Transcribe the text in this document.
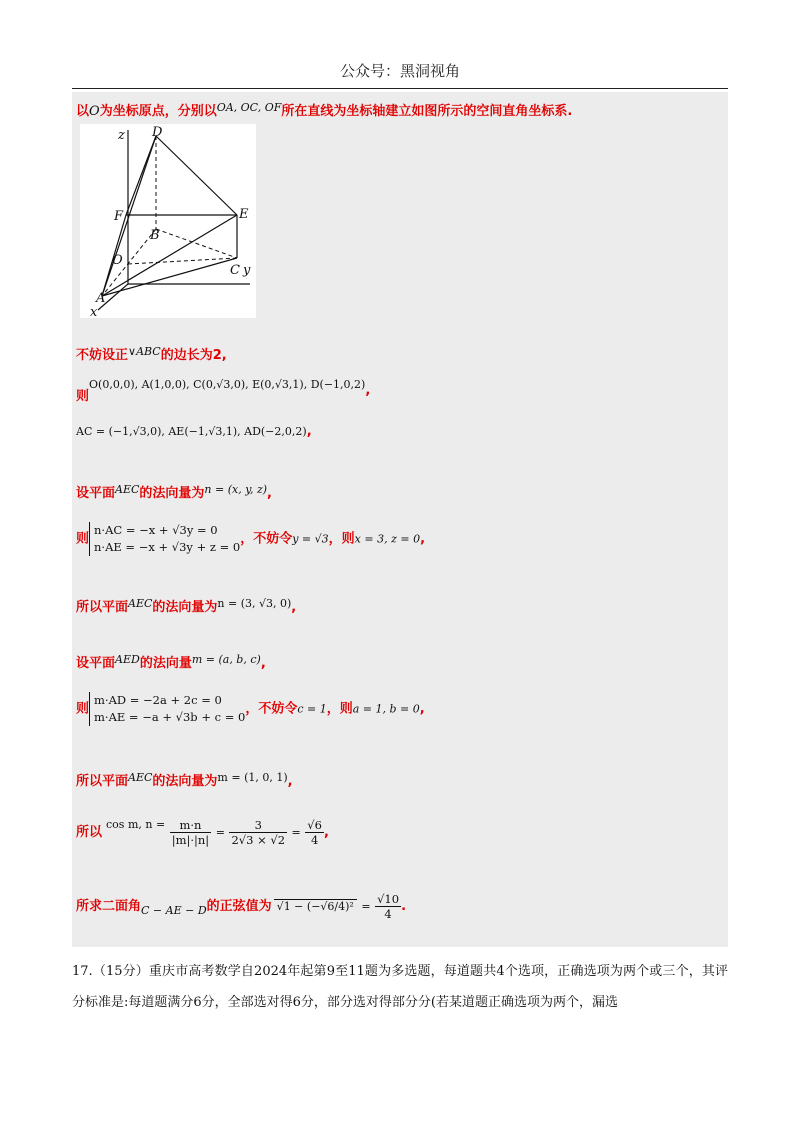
公众号：黑洞视角
以O为坐标原点，分别以$^{OA, OC, OF}$所在直线为坐标轴建立如图所示的空间直角坐标系.
z D
F	E
B
O
C y
A
x
不妨设正$^{\vee ABC}$的边长为2,
则$^{O(0,0,0), A(1,0,0), C(0,√3,0), E(0,√3,1), D(-1,0,2)}$,
AC = (−1,√3,0), AE(−1,√3,1), AD(−2,0,2),
设平面$^{AEC}$的法向量为$^{n = (x, y, z)}$,
则
n·AC = −x + √3y = 0
n·AE = −x + √3y + z = 0
，不妨令y = √3，则x = 3, z = 0,
所以平面$^{AEC}$的法向量为$^{n = (3, √3, 0)}$,
设平面$^{AED}$的法向量$^{m = (a, b, c)}$,
则
m·AD = −2a + 2c = 0
m·AE = −a + √3b + c = 0
，不妨令c = 1，则a = 1, b = 0,
所以平面$^{AEC}$的法向量为$^{m = (1, 0, 1)}$,
所以$^{cos m, n =} \frac{m\cdot n}{|m|\cdot|n|} = \frac{3}{2√3 \times √2} = \frac{√6}{4}$ ,
所求二面角$_{C - AE - D}$的正弦值为 $√1 - (-√6/4)^2 = \frac{√10}{4}$ .
17.（15分）重庆市高考数学自2024年起第9至11题为多选题，每道题共4个选项，正确选项为两个或三个，其评分标准是:每道题满分6分，全部选对得6分，部分选对得部分分(若某道题正确选项为两个，漏选
